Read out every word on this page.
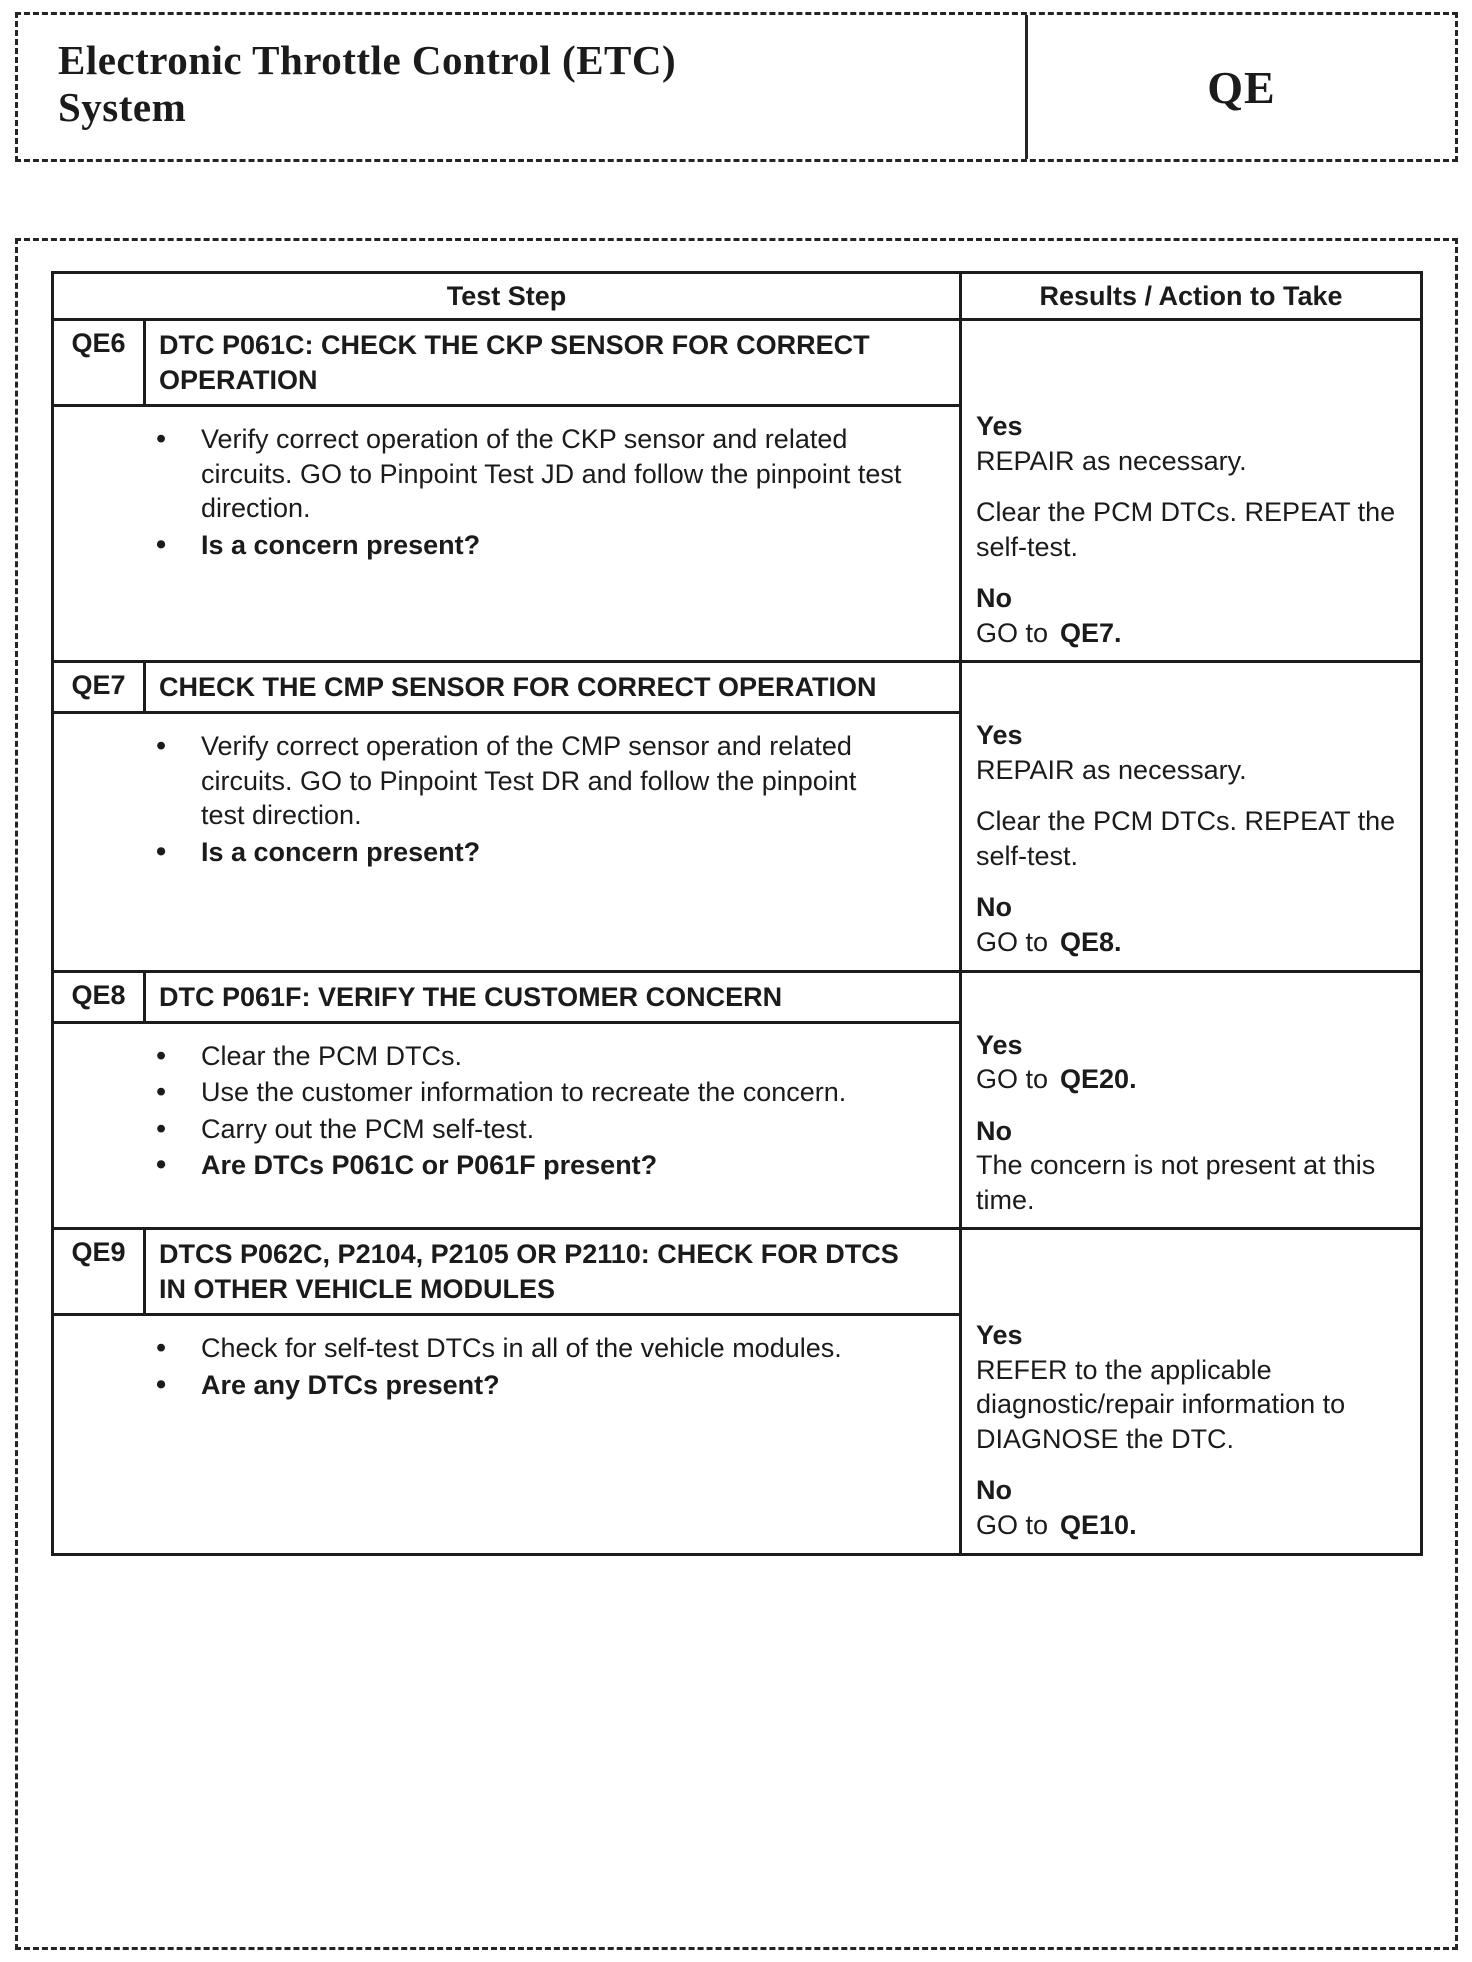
Electronic Throttle Control (ETC)
System	QE
Test Step	Results / Action to Take
QE6	DTC P061C: CHECK THE CKP SENSOR FOR CORRECT OPERATION
• Verify correct operation of the CKP sensor and related circuits. GO to Pinpoint Test JD and follow the pinpoint test direction.
• Is a concern present?

Yes

REPAIR as necessary.

Clear the PCM DTCs. REPEAT the self-test.

No

GO to QE7.

QE7	CHECK THE CMP SENSOR FOR CORRECT OPERATION
• Verify correct operation of the CMP sensor and related circuits. GO to Pinpoint Test DR and follow the pinpoint test direction.
• Is a concern present?

Yes

REPAIR as necessary.

Clear the PCM DTCs. REPEAT the self-test.

No

GO to QE8.

QE8	DTC P061F: VERIFY THE CUSTOMER CONCERN
• Clear the PCM DTCs.
• Use the customer information to recreate the concern.
• Carry out the PCM self-test.
• Are DTCs P061C or P061F present?

Yes

GO to QE20.

No

The concern is not present at this time.

QE9	DTCS P062C, P2104, P2105 OR P2110: CHECK FOR DTCS IN OTHER VEHICLE MODULES
• Check for self-test DTCs in all of the vehicle modules.
• Are any DTCs present?

Yes

REFER to the applicable diagnostic/repair information to DIAGNOSE the DTC.

No

GO to QE10.
